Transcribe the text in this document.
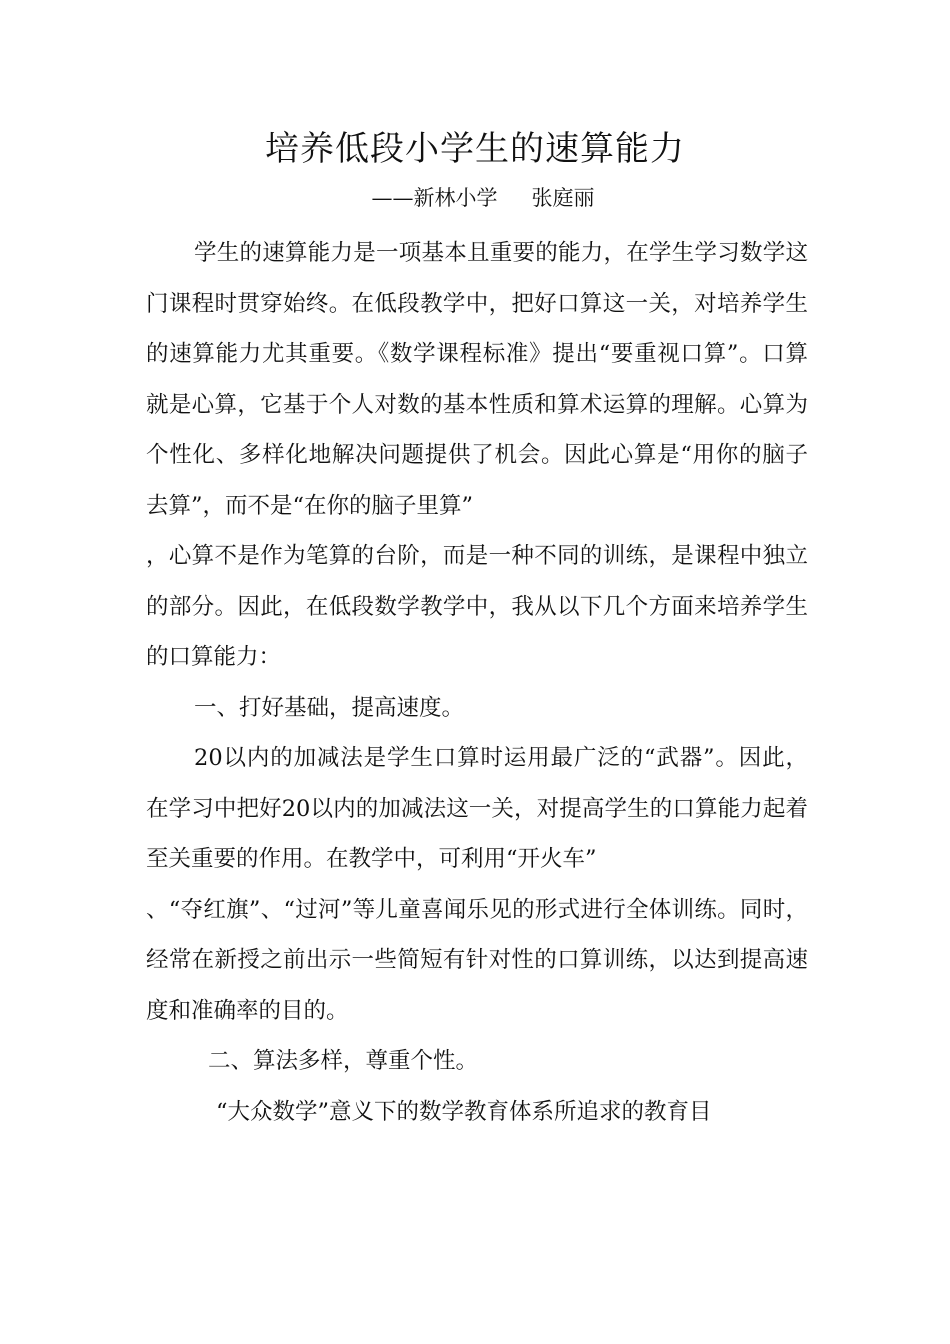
培养低段小学生的速算能力
——新林小学 张庭丽

学生的速算能力是一项基本且重要的能力，在学生学习数学这门课程时贯穿始终。在低段教学中，把好口算这一关，对培养学生的速算能力尤其重要。《数学课程标准》提出“要重视口算”。口算就是心算，它基于个人对数的基本性质和算术运算的理解。心算为个性化、多样化地解决问题提供了机会。因此心算是“用你的脑子去算”，而不是“在你的脑子里算”

，心算不是作为笔算的台阶，而是一种不同的训练，是课程中独立的部分。因此，在低段数学教学中，我从以下几个方面来培养学生的口算能力：

一、打好基础，提高速度。

20以内的加减法是学生口算时运用最广泛的“武器”。因此，在学习中把好20以内的加减法这一关，对提高学生的口算能力起着至关重要的作用。在教学中，可利用“开火车”

、“夺红旗”、“过河”等儿童喜闻乐见的形式进行全体训练。同时，经常在新授之前出示一些简短有针对性的口算训练，以达到提高速度和准确率的目的。

二、算法多样，尊重个性。

“大众数学”意义下的数学教育体系所追求的教育目
